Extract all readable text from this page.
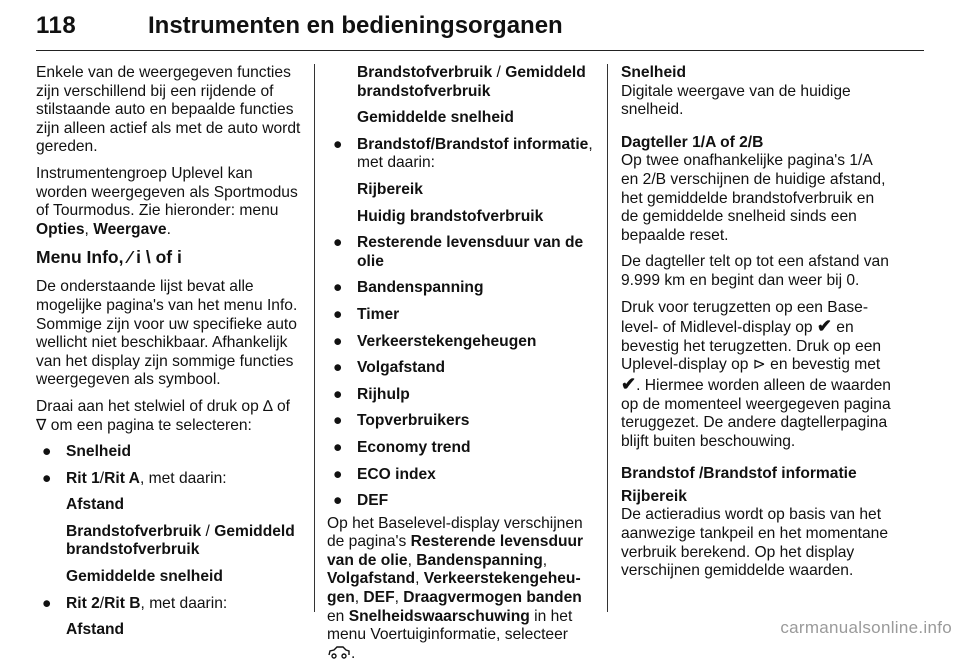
118	Instrumenten en bedieningsorganen

Enkele van de weergegeven functies zijn verschillend bij een rijdende of stilstaande auto en bepaalde functies zijn alleen actief als met de auto wordt gereden.

Instrumentengroep Uplevel kan worden weergegeven als Sportmodus of Tourmodus. Zie hieronder: menu Opties, Weergave.

Menu Info, ⁄ i \ of i

De onderstaande lijst bevat alle mogelijke pagina's van het menu Info. Sommige zijn voor uw specifieke auto wellicht niet beschikbaar. Afhankelijk van het display zijn sommige functies weergegeven als symbool.

Draai aan het stelwiel of druk op ∆ of
∇ om een pagina te selecteren:

● Snelheid
● Rit 1/Rit A, met daarin:
Afstand
Brandstofverbruik / Gemiddeld brandstofverbruik
Gemiddelde snelheid
● Rit 2/Rit B, met daarin:
Afstand
Brandstofverbruik / Gemiddeld brandstofverbruik
Gemiddelde snelheid
● Brandstof/Brandstof informatie, met daarin:
Rijbereik
Huidig brandstofverbruik
● Resterende levensduur van de olie
● Bandenspanning
● Timer
● Verkeerstekengeheugen
● Volgafstand
● Rijhulp
● Topverbruikers
● Economy trend
● ECO index
● DEF

Op het Baselevel-display verschijnen de pagina's Resterende levensduur van de olie, Bandenspanning, Volgafstand, Verkeerstekengeheugen, DEF, Draagvermogen banden en Snelheidswaarschuwing in het menu Voertuiginformatie, selecteer .

Snelheid

Digitale weergave van de huidige snelheid.

Dagteller 1/A of 2/B

Op twee onafhankelijke pagina's 1/A en 2/B verschijnen de huidige afstand, het gemiddelde brandstofverbruik en de gemiddelde snelheid sinds een bepaalde reset.

De dagteller telt op tot een afstand van 9.999 km en begint dan weer bij 0.

Druk voor terugzetten op een Baselevel- of Midlevel-display op ✔ en bevestig het terugzetten. Druk op een Uplevel-display op ⊳ en bevestig met ✔. Hiermee worden alleen de waarden op de momenteel weergegeven pagina teruggezet. De andere dagtellerpagina blijft buiten beschouwing.

Brandstof /Brandstof informatie
Rijbereik

De actieradius wordt op basis van het aanwezige tankpeil en het momentane verbruik berekend. Op het display verschijnen gemiddelde waarden.

carmanualsonline.info
